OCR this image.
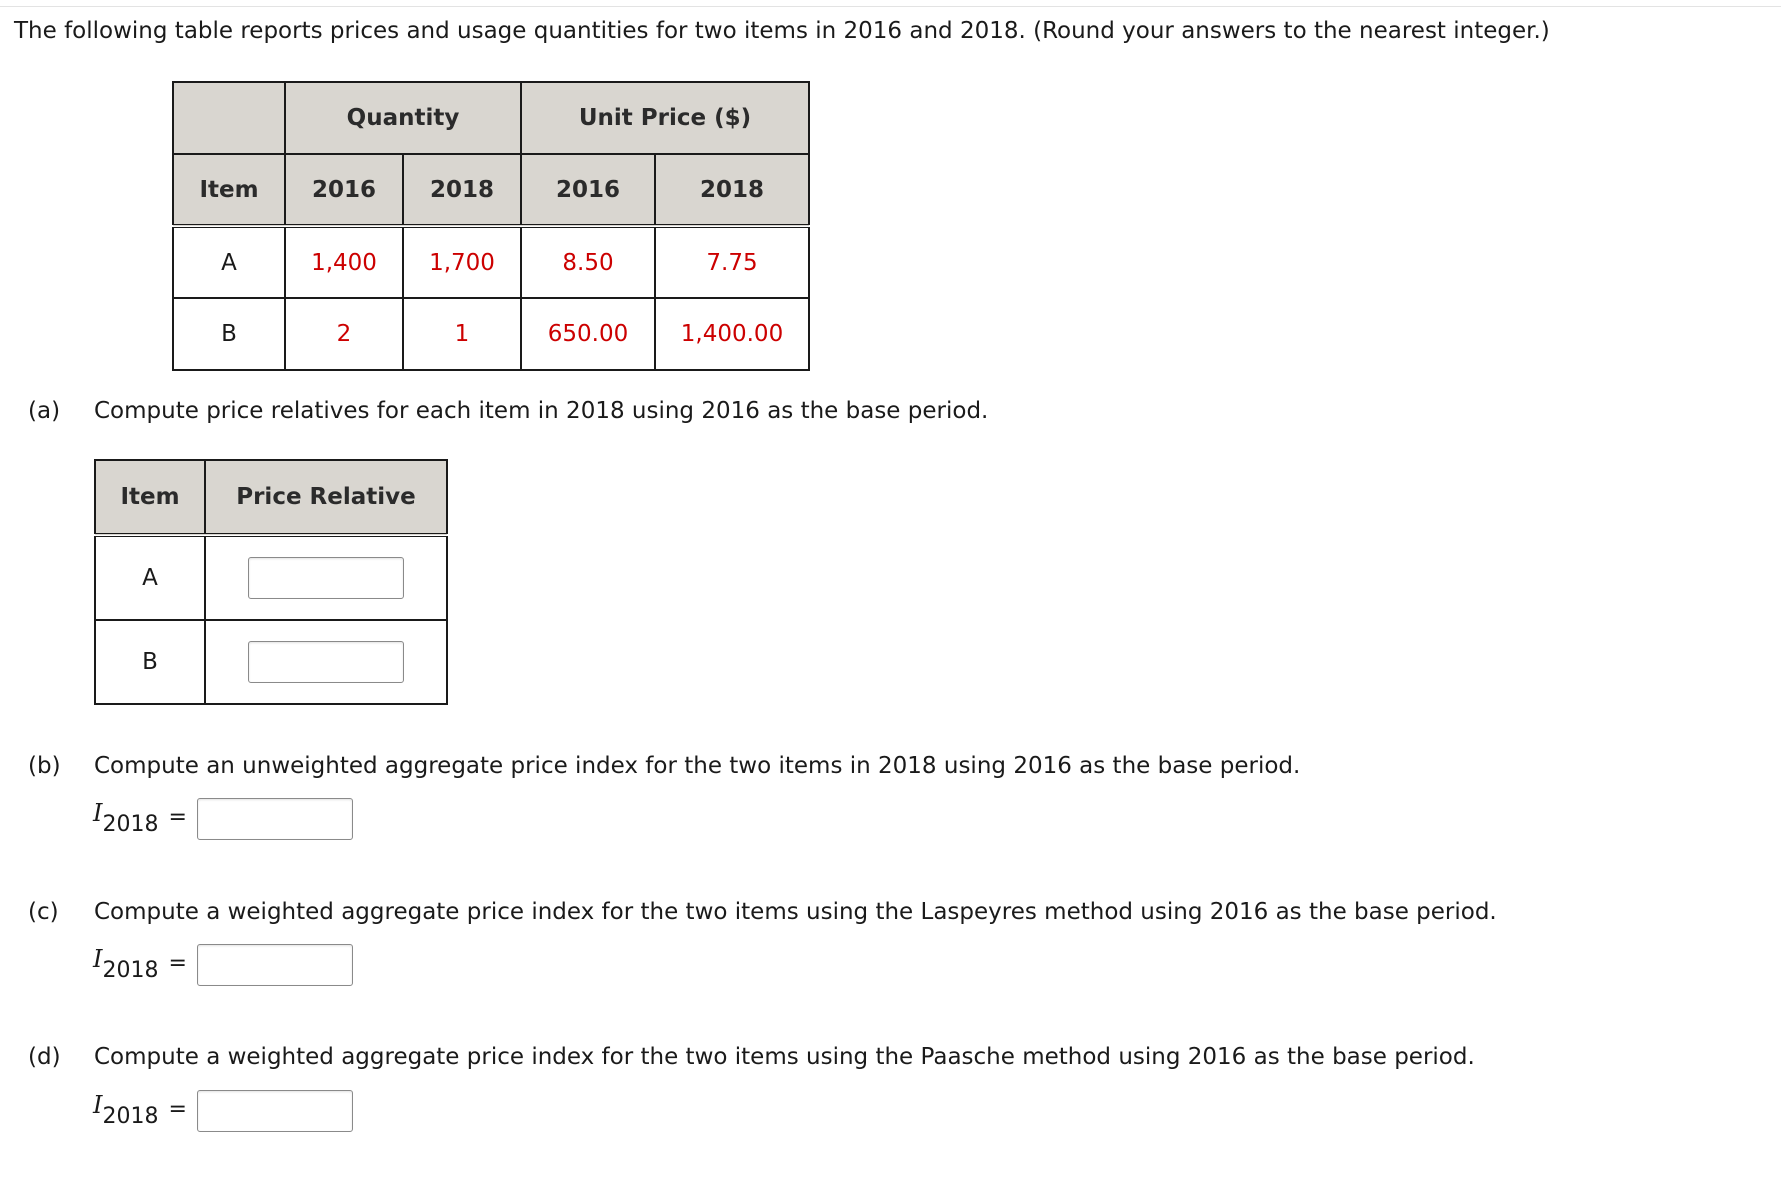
The following table reports prices and usage quantities for two items in 2016 and 2018. (Round your answers to the nearest integer.)
	Quantity		Unit Price ($)	
Item	2016	2018	2016	2018
A	1,400	1,700	8.50	7.75
B	2	1	650.00	1,400.00
(a) Compute price relatives for each item in 2018 using 2016 as the base period.
Item	Price Relative
A	
B	
(b) Compute an unweighted aggregate price index for the two items in 2018 using 2016 as the base period.
$I_{2018}$ =
(c) Compute a weighted aggregate price index for the two items using the Laspeyres method using 2016 as the base period.
$I_{2018}$ =
(d) Compute a weighted aggregate price index for the two items using the Paasche method using 2016 as the base period.
$I_{2018}$ =
